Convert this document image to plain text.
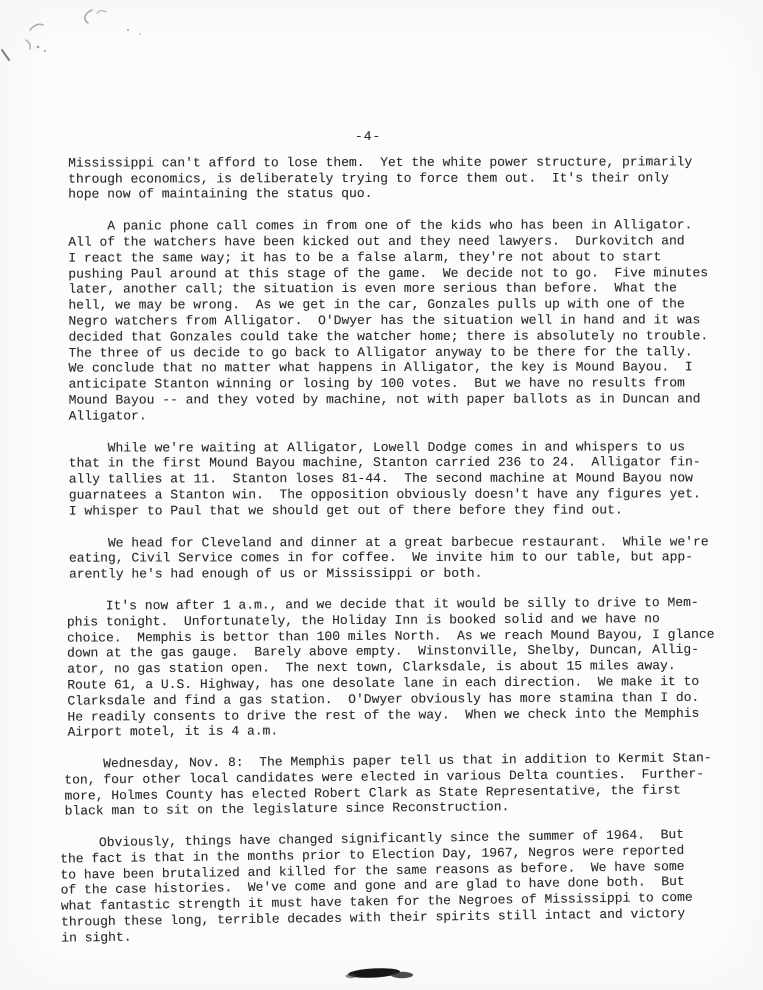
-4-
Mississippi can't afford to lose them.  Yet the white power structure, primarily
through economics, is deliberately trying to force them out.  It's their only
hope now of maintaining the status quo.
A panic phone call comes in from one of the kids who has been in Alligator.
All of the watchers have been kicked out and they need lawyers.  Durkovitch and
I react the same way; it has to be a false alarm, they're not about to start
pushing Paul around at this stage of the game.  We decide not to go.  Five minutes
later, another call; the situation is even more serious than before.  What the
hell, we may be wrong.  As we get in the car, Gonzales pulls up with one of the
Negro watchers from Alligator.  O'Dwyer has the situation well in hand and it was
decided that Gonzales could take the watcher home; there is absolutely no trouble.
The three of us decide to go back to Alligator anyway to be there for the tally.
We conclude that no matter what happens in Alligator, the key is Mound Bayou.  I
anticipate Stanton winning or losing by 100 votes.  But we have no results from
Mound Bayou -- and they voted by machine, not with paper ballots as in Duncan and
Alligator.
While we're waiting at Alligator, Lowell Dodge comes in and whispers to us
that in the first Mound Bayou machine, Stanton carried 236 to 24.  Alligator fin-
ally tallies at 11.  Stanton loses 81-44.  The second machine at Mound Bayou now
guarnatees a Stanton win.  The opposition obviously doesn't have any figures yet.
I whisper to Paul that we should get out of there before they find out.
We head for Cleveland and dinner at a great barbecue restaurant.  While we're
eating, Civil Service comes in for coffee.  We invite him to our table, but app-
arently he's had enough of us or Mississippi or both.
It's now after 1 a.m., and we decide that it would be silly to drive to Mem-
phis tonight.  Unfortunately, the Holiday Inn is booked solid and we have no
choice.  Memphis is bettor than 100 miles North.  As we reach Mound Bayou, I glance
down at the gas gauge.  Barely above empty.  Winstonville, Shelby, Duncan, Allig-
ator, no gas station open.  The next town, Clarksdale, is about 15 miles away.
Route 61, a U.S. Highway, has one desolate lane in each direction.  We make it to
Clarksdale and find a gas station.  O'Dwyer obviously has more stamina than I do.
He readily consents to drive the rest of the way.  When we check into the Memphis
Airport motel, it is 4 a.m.
Wednesday, Nov. 8:  The Memphis paper tell us that in addition to Kermit Stan-
ton, four other local candidates were elected in various Delta counties.  Further-
more, Holmes County has elected Robert Clark as State Representative, the first
black man to sit on the legislature since Reconstruction.
Obviously, things have changed significantly since the summer of 1964.  But
the fact is that in the months prior to Election Day, 1967, Negros were reported
to have been brutalized and killed for the same reasons as before.  We have some
of the case histories.  We've come and gone and are glad to have done both.  But
what fantastic strength it must have taken for the Negroes of Mississippi to come
through these long, terrible decades with their spirits still intact and victory
in sight.
